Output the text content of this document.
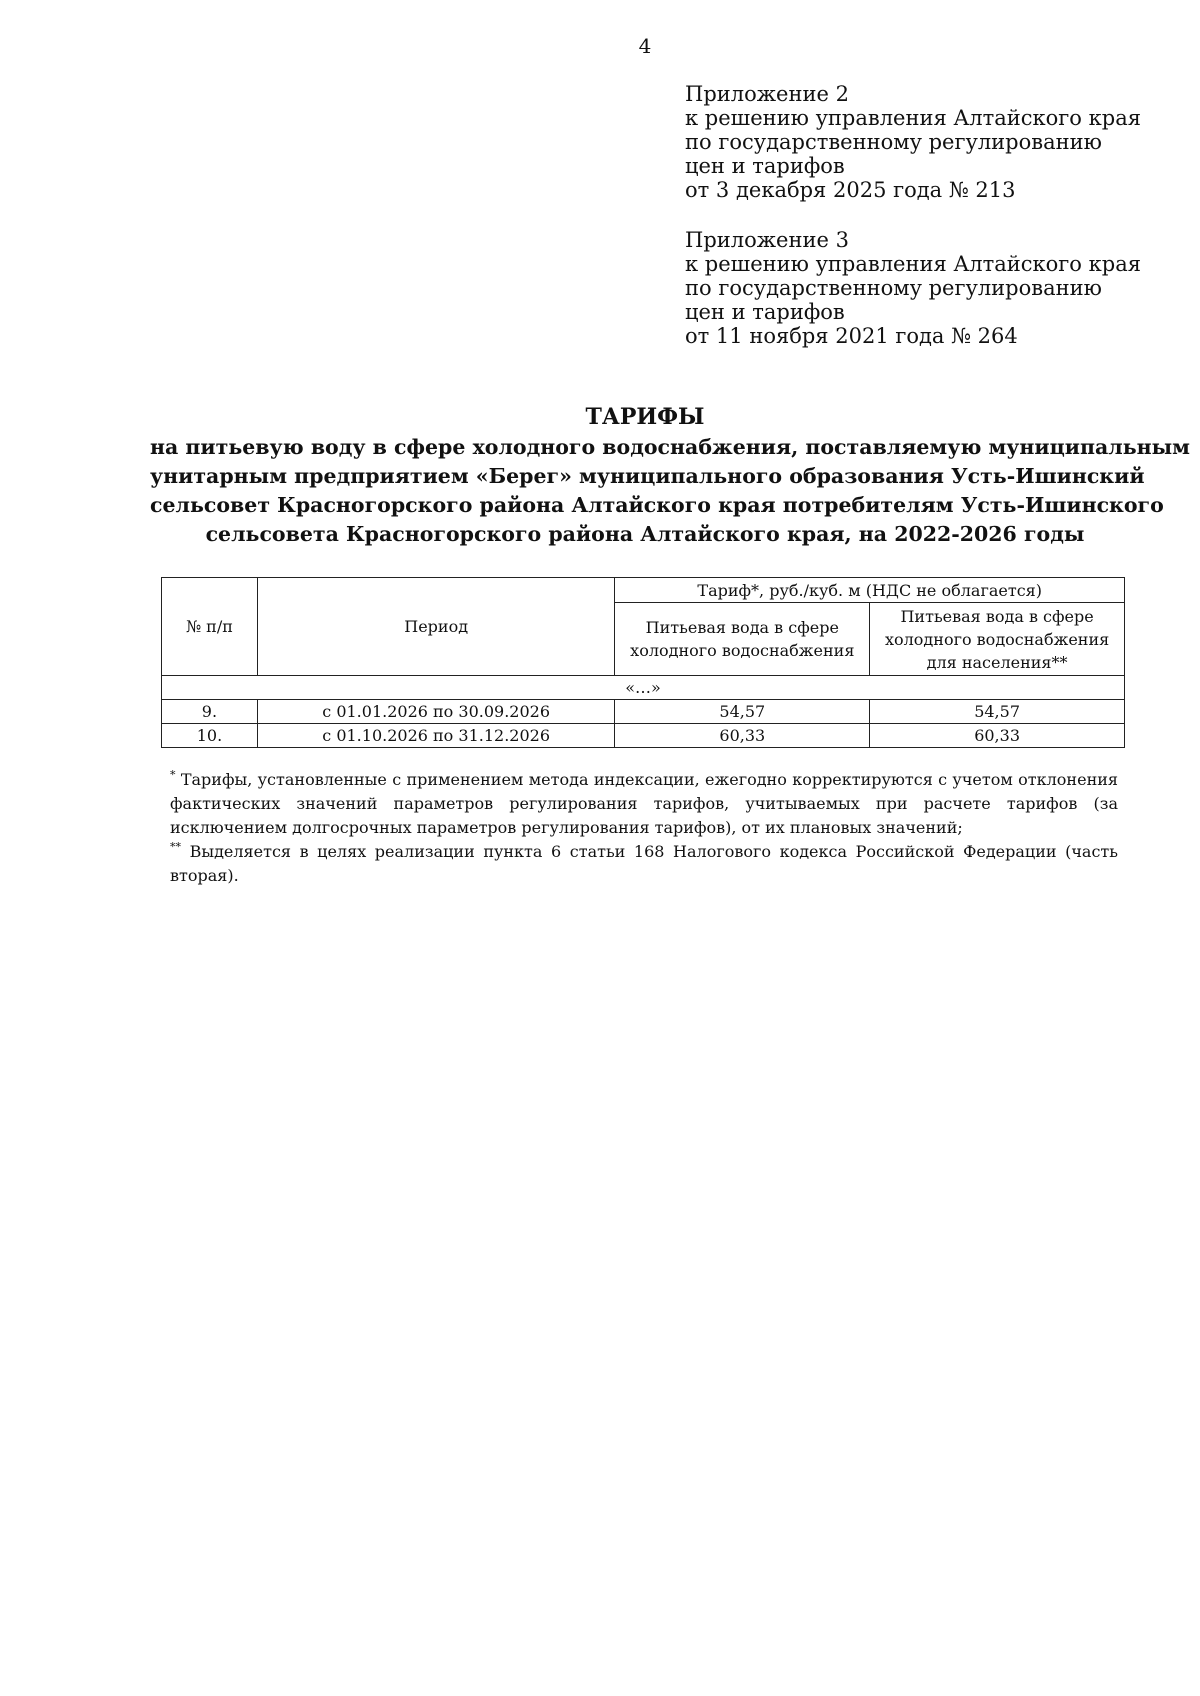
4
Приложение 2
к решению управления Алтайского края
по государственному регулированию
цен и тарифов
от 3 декабря 2025 года № 213
Приложение 3
к решению управления Алтайского края
по государственному регулированию
цен и тарифов
от 11 ноября 2021 года № 264
ТАРИФЫ
на питьевую воду в сфере холодного водоснабжения, поставляемую муниципальным
унитарным предприятием «Берег» муниципального образования Усть-Ишинский
сельсовет Красногорского района Алтайского края потребителям Усть-Ишинского
сельсовета Красногорского района Алтайского края, на 2022-2026 годы
№ п/п	Период	Тариф*, руб./куб. м (НДС не облагается)	
		Питьевая вода в сфере холодного водоснабжения	Питьевая вода в сфере холодного водоснабжения для населения**
«…»			
9.	с 01.01.2026 по 30.09.2026	54,57	54,57
10.	с 01.10.2026 по 31.12.2026	60,33	60,33

* Тарифы, установленные с применением метода индексации, ежегодно корректируются с учетом отклонения фактических значений параметров регулирования тарифов, учитываемых при расчете тарифов (за исключением долгосрочных параметров регулирования тарифов), от их плановых значений;

** Выделяется в целях реализации пункта 6 статьи 168 Налогового кодекса Российской Федерации (часть вторая).
